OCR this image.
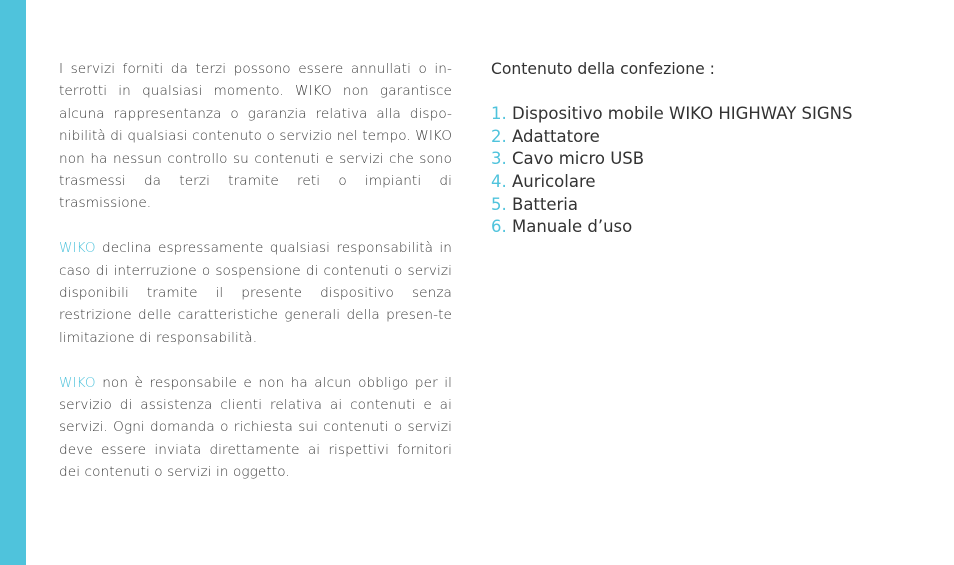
I servizi forniti da terzi possono essere annullati o in-terrotti in qualsiasi momento. WIKO non garantisce alcuna rappresentanza o garanzia relativa alla dispo-nibilità di qualsiasi contenuto o servizio nel tempo. WIKO non ha nessun controllo su contenuti e servizi che sono trasmessi da terzi tramite reti o impianti di trasmissione.

WIKO declina espressamente qualsiasi responsabilità in caso di interruzione o sospensione di contenuti o servizi disponibili tramite il presente dispositivo senza restrizione delle caratteristiche generali della presen-te limitazione di responsabilità.

WIKO non è responsabile e non ha alcun obbligo per il servizio di assistenza clienti relativa ai contenuti e ai servizi. Ogni domanda o richiesta sui contenuti o servizi deve essere inviata direttamente ai rispettivi fornitori dei contenuti o servizi in oggetto.

Contenuto della confezione :
1. Dispositivo mobile WIKO HIGHWAY SIGNS
2. Adattatore
3. Cavo micro USB
4. Auricolare
5. Batteria
6. Manuale d’uso
